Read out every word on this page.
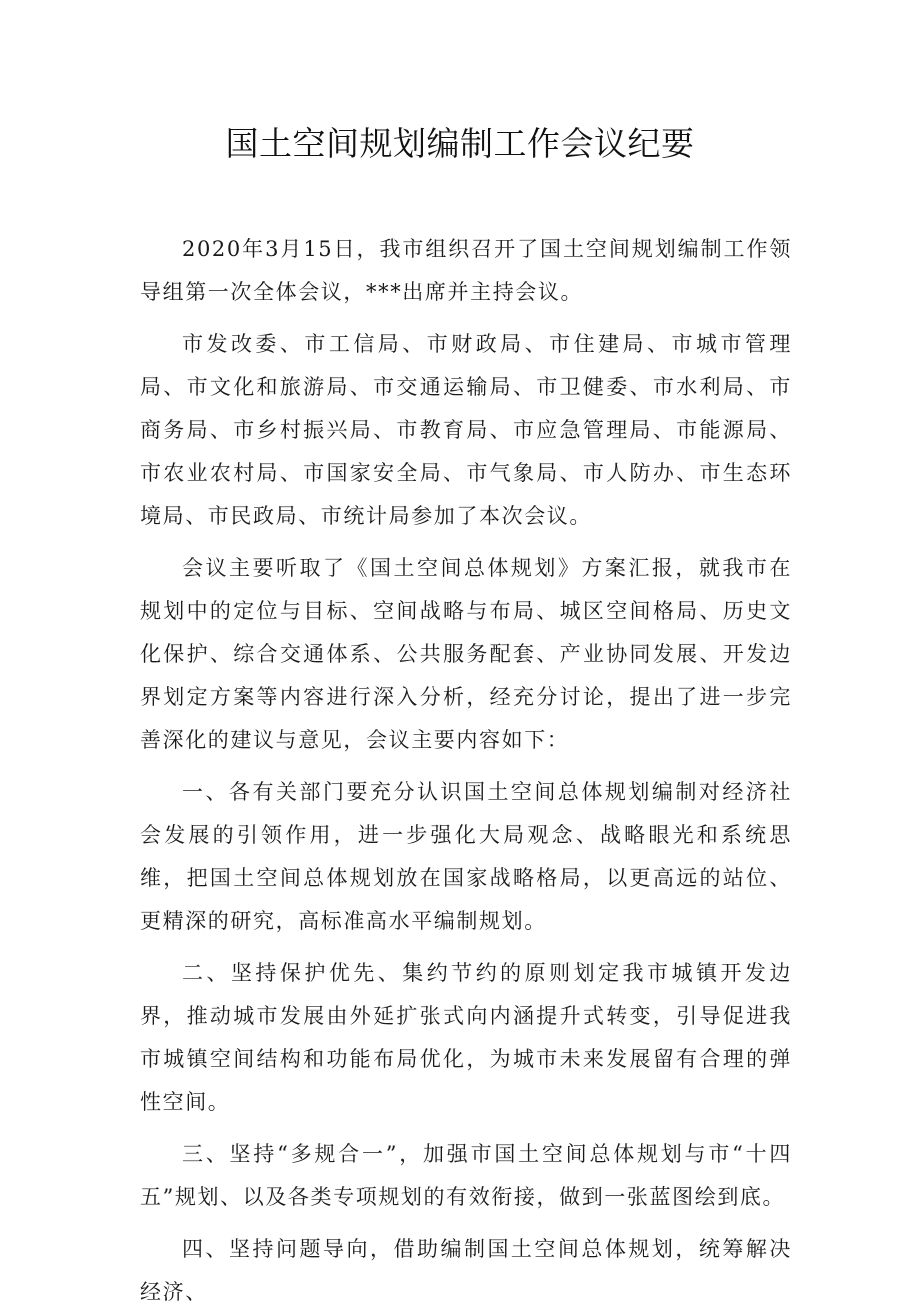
国土空间规划编制工作会议纪要

2020年3月15日，我市组织召开了国土空间规划编制工作领导组第一次全体会议，***出席并主持会议。

市发改委、市工信局、市财政局、市住建局、市城市管理局、市文化和旅游局、市交通运输局、市卫健委、市水利局、市商务局、市乡村振兴局、市教育局、市应急管理局、市能源局、市农业农村局、市国家安全局、市气象局、市人防办、市生态环境局、市民政局、市统计局参加了本次会议。

会议主要听取了《国土空间总体规划》方案汇报，就我市在规划中的定位与目标、空间战略与布局、城区空间格局、历史文化保护、综合交通体系、公共服务配套、产业协同发展、开发边界划定方案等内容进行深入分析，经充分讨论，提出了进一步完善深化的建议与意见，会议主要内容如下：

一、各有关部门要充分认识国土空间总体规划编制对经济社会发展的引领作用，进一步强化大局观念、战略眼光和系统思维，把国土空间总体规划放在国家战略格局，以更高远的站位、更精深的研究，高标准高水平编制规划。

二、坚持保护优先、集约节约的原则划定我市城镇开发边界，推动城市发展由外延扩张式向内涵提升式转变，引导促进我市城镇空间结构和功能布局优化，为城市未来发展留有合理的弹性空间。

三、坚持“多规合一”，加强市国土空间总体规划与市“十四五”规划、以及各类专项规划的有效衔接，做到一张蓝图绘到底。

四、坚持问题导向，借助编制国土空间总体规划，统筹解决经济、
